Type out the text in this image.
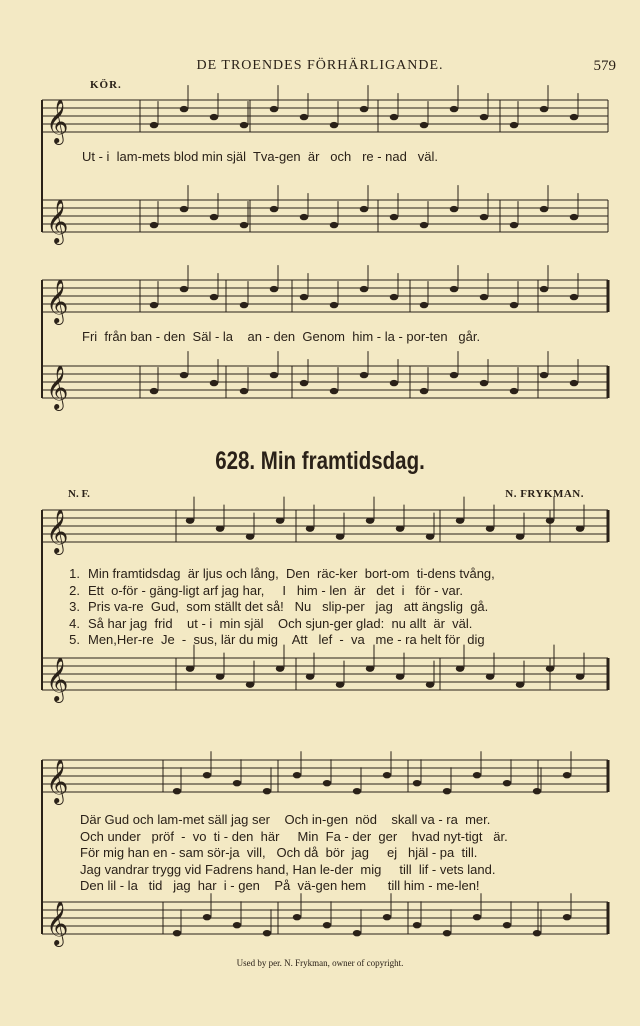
DE TROENDES FÖRHÄRLIGANDE.	579
KÖR.
𝄞
𝄞
𝄞
𝄞
𝄞
𝄞
𝄞
𝄞
Ut - i  lam-mets blod min själ  Tva-gen  är   och   re - nad   väl.
Fri  från ban - den  Säl - la    an - den  Genom  him - la - por-ten   går.
628. Min framtidsdag.
N. F.	N. FRYKMAN.
1. Min framtidsdag  är ljus och lång,  Den  räc-ker  bort-om  ti-dens tvång,
2. Ett  o-för - gäng-ligt arf jag har,     I   him - len  är   det  i   för - var.
3. Pris va-re  Gud,  som ställt det så!   Nu   slip-per   jag   att ängslig  gå.
4. Så har jag  frid    ut - i  min själ    Och sjun-ger glad:  nu allt  är  väl.
5. Men,Her-re  Je  -  sus, lär du mig    Att   lef  -  va   me - ra helt för  dig
Där Gud och lam-met säll jag ser    Och in-gen  nöd    skall va - ra  mer.
Och under   pröf  -  vo  ti - den  här     Min  Fa - der  ger    hvad nyt-tigt   är.
För mig han en - sam sör-ja  vill,   Och då  bör  jag     ej   hjäl - pa  till.
Jag vandrar trygg vid Fadrens hand, Han le-der  mig     till  lif - vets land.
Den lil - la   tid   jag  har  i - gen    På  vä-gen hem      till him - me-len!
Used by per. N. Frykman, owner of copyright.
